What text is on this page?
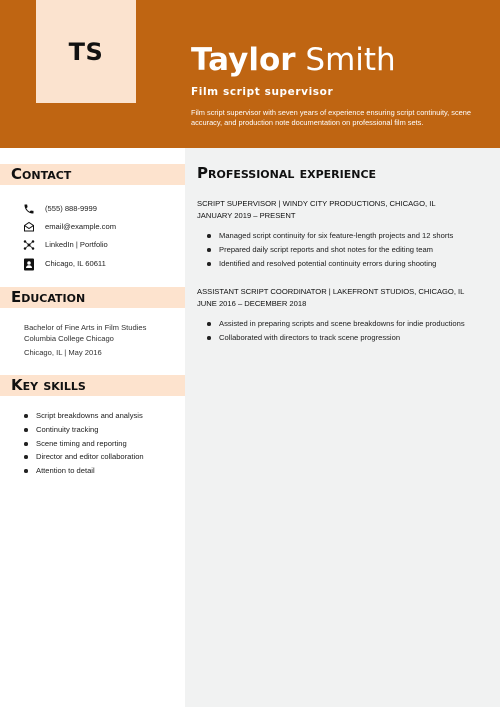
TS	Taylor Smith
Film script supervisor
Film script supervisor with seven years of experience ensuring script continuity, scene accuracy, and production note documentation on professional film sets.
Contact
(555) 888-9999
email@example.com
LinkedIn | Portfolio
Chicago, IL 60611
Education
Bachelor of Fine Arts in Film Studies
Columbia College Chicago
Chicago, IL | May 2016
Key skills
Script breakdowns and analysis
Continuity tracking
Scene timing and reporting
Director and editor collaboration
Attention to detail
Professional experience
SCRIPT SUPERVISOR | WINDY CITY PRODUCTIONS, CHICAGO, IL
JANUARY 2019 – PRESENT
Managed script continuity for six feature-length projects and 12 shorts
Prepared daily script reports and shot notes for the editing team
Identified and resolved potential continuity errors during shooting
ASSISTANT SCRIPT COORDINATOR | LAKEFRONT STUDIOS, CHICAGO, IL
JUNE 2016 – DECEMBER 2018
Assisted in preparing scripts and scene breakdowns for indie productions
Collaborated with directors to track scene progression
